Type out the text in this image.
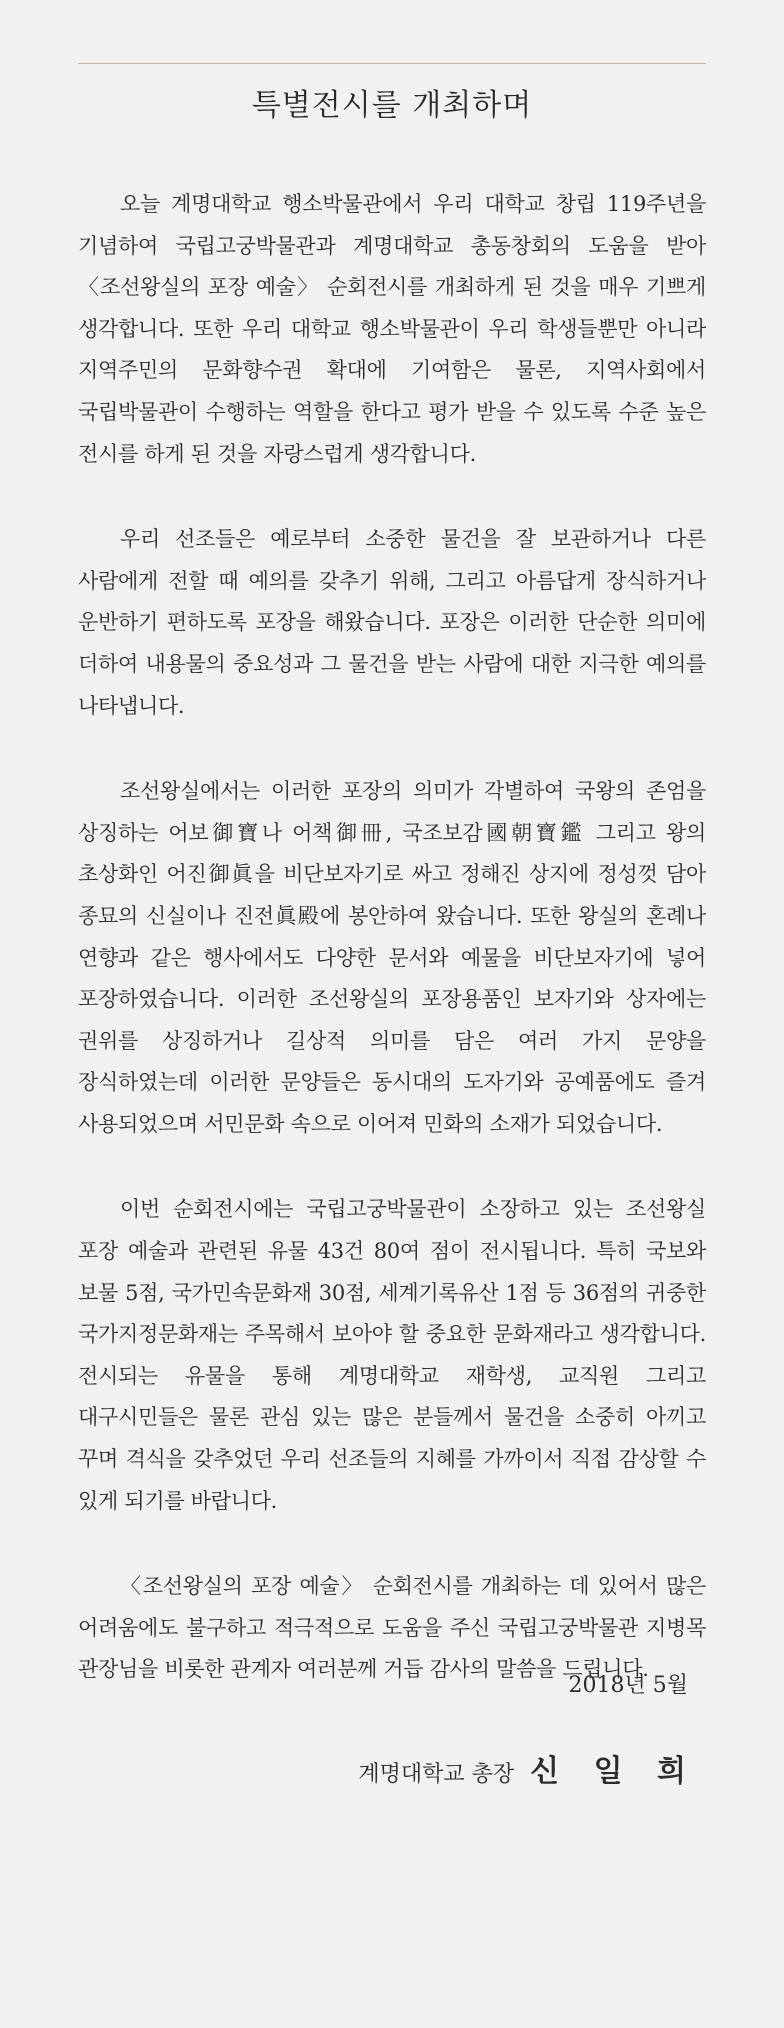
특별전시를 개최하며

오늘 계명대학교 행소박물관에서 우리 대학교 창립 119주년을 기념하여 국립고궁박물관과 계명대학교 총동창회의 도움을 받아 〈조선왕실의 포장 예술〉 순회전시를 개최하게 된 것을 매우 기쁘게 생각합니다. 또한 우리 대학교 행소박물관이 우리 학생들뿐만 아니라 지역주민의 문화향수권 확대에 기여함은 물론, 지역사회에서 국립박물관이 수행하는 역할을 한다고 평가 받을 수 있도록 수준 높은 전시를 하게 된 것을 자랑스럽게 생각합니다.

우리 선조들은 예로부터 소중한 물건을 잘 보관하거나 다른 사람에게 전할 때 예의를 갖추기 위해, 그리고 아름답게 장식하거나 운반하기 편하도록 포장을 해왔습니다. 포장은 이러한 단순한 의미에 더하여 내용물의 중요성과 그 물건을 받는 사람에 대한 지극한 예의를 나타냅니다.

조선왕실에서는 이러한 포장의 의미가 각별하여 국왕의 존엄을 상징하는 어보御寶나 어책御冊, 국조보감國朝寶鑑 그리고 왕의 초상화인 어진御眞을 비단보자기로 싸고 정해진 상지에 정성껏 담아 종묘의 신실이나 진전眞殿에 봉안하여 왔습니다. 또한 왕실의 혼례나 연향과 같은 행사에서도 다양한 문서와 예물을 비단보자기에 넣어 포장하였습니다. 이러한 조선왕실의 포장용품인 보자기와 상자에는 권위를 상징하거나 길상적 의미를 담은 여러 가지 문양을 장식하였는데 이러한 문양들은 동시대의 도자기와 공예품에도 즐겨 사용되었으며 서민문화 속으로 이어져 민화의 소재가 되었습니다.

이번 순회전시에는 국립고궁박물관이 소장하고 있는 조선왕실 포장 예술과 관련된 유물 43건 80여 점이 전시됩니다. 특히 국보와 보물 5점, 국가민속문화재 30점, 세계기록유산 1점 등 36점의 귀중한 국가지정문화재는 주목해서 보아야 할 중요한 문화재라고 생각합니다. 전시되는 유물을 통해 계명대학교 재학생, 교직원 그리고 대구시민들은 물론 관심 있는 많은 분들께서 물건을 소중히 아끼고 꾸며 격식을 갖추었던 우리 선조들의 지혜를 가까이서 직접 감상할 수 있게 되기를 바랍니다.

〈조선왕실의 포장 예술〉 순회전시를 개최하는 데 있어서 많은 어려움에도 불구하고 적극적으로 도움을 주신 국립고궁박물관 지병목 관장님을 비롯한 관계자 여러분께 거듭 감사의 말씀을 드립니다.

2018년 5월
계명대학교 총장 신 일 희
